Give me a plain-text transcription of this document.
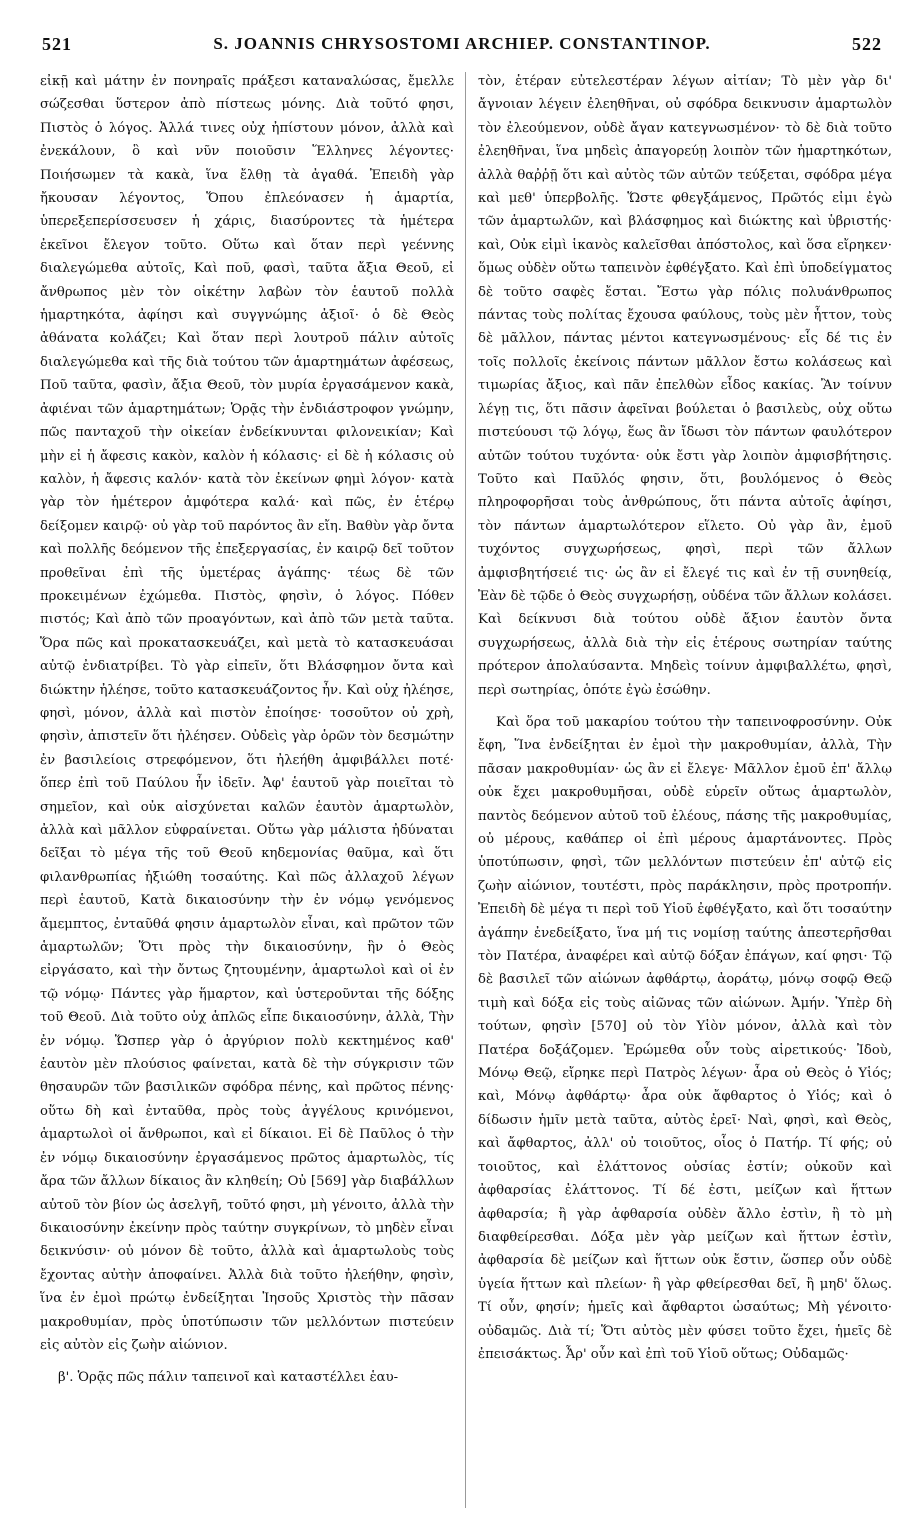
521	S. JOANNIS CHRYSOSTOMI ARCHIEP. CONSTANTINOP.	522

εἰκῇ καὶ μάτην ἐν πονηραῖς πράξεσι καταναλώσας, ἔμελλε σώζεσθαι ὕστερον ἀπὸ πίστεως μόνης. Διὰ τοῦτό φησι, Πιστὸς ὁ λόγος. Ἀλλά τινες οὐχ ἠπίστουν μόνον, ἀλλὰ καὶ ἐνεκάλουν, ὃ καὶ νῦν ποιοῦσιν Ἕλληνες λέγοντες· Ποιήσωμεν τὰ κακὰ, ἵνα ἔλθῃ τὰ ἀγαθά. Ἐπειδὴ γὰρ ἤκουσαν λέγοντος, Ὅπου ἐπλεόνασεν ἡ ἁμαρτία, ὑπερεξεπερίσσευσεν ἡ χάρις, διασύροντες τὰ ἡμέτερα ἐκεῖνοι ἔλεγον τοῦτο. Οὕτω καὶ ὅταν περὶ γεέννης διαλεγώμεθα αὐτοῖς, Καὶ ποῦ, φασὶ, ταῦτα ἄξια Θεοῦ, εἰ ἄνθρωπος μὲν τὸν οἰκέτην λαβὼν τὸν ἑαυτοῦ πολλὰ ἡμαρτηκότα, ἀφίησι καὶ συγγνώμης ἀξιοῖ· ὁ δὲ Θεὸς ἀθάνατα κολάζει; Καὶ ὅταν περὶ λουτροῦ πάλιν αὐτοῖς διαλεγώμεθα καὶ τῆς διὰ τούτου τῶν ἁμαρτημάτων ἀφέσεως, Ποῦ ταῦτα, φασὶν, ἄξια Θεοῦ, τὸν μυρία ἐργασάμενον κακὰ, ἀφιέναι τῶν ἁμαρτημάτων; Ὁρᾷς τὴν ἐνδιάστροφον γνώμην, πῶς πανταχοῦ τὴν οἰκείαν ἐνδείκνυνται φιλονεικίαν; Καὶ μὴν εἰ ἡ ἄφεσις κακὸν, καλὸν ἡ κόλασις· εἰ δὲ ἡ κόλασις οὐ καλὸν, ἡ ἄφεσις καλόν· κατὰ τὸν ἐκείνων φημὶ λόγον· κατὰ γὰρ τὸν ἡμέτερον ἀμφότερα καλά· καὶ πῶς, ἐν ἑτέρῳ δείξομεν καιρῷ· οὐ γὰρ τοῦ παρόντος ἂν εἴη. Βαθὺν γὰρ ὄντα καὶ πολλῆς δεόμενον τῆς ἐπεξεργασίας, ἐν καιρῷ δεῖ τοῦτον προθεῖναι ἐπὶ τῆς ὑμετέρας ἀγάπης· τέως δὲ τῶν προκειμένων ἐχώμεθα. Πιστὸς, φησὶν, ὁ λόγος. Πόθεν πιστός; Καὶ ἀπὸ τῶν προαγόντων, καὶ ἀπὸ τῶν μετὰ ταῦτα. Ὅρα πῶς καὶ προκατασκευάζει, καὶ μετὰ τὸ κατασκευάσαι αὐτῷ ἐνδιατρίβει. Τὸ γὰρ εἰπεῖν, ὅτι Βλάσφημον ὄντα καὶ διώκτην ἠλέησε, τοῦτο κατασκευάζοντος ἦν. Καὶ οὐχ ἠλέησε, φησὶ, μόνον, ἀλλὰ καὶ πιστὸν ἐποίησε· τοσοῦτον οὐ χρὴ, φησὶν, ἀπιστεῖν ὅτι ἠλέησεν. Οὐδεὶς γὰρ ὁρῶν τὸν δεσμώτην ἐν βασιλείοις στρεφόμενον, ὅτι ἠλεήθη ἀμφιβάλλει ποτέ· ὅπερ ἐπὶ τοῦ Παύλου ἦν ἰδεῖν. Ἀφ' ἑαυτοῦ γὰρ ποιεῖται τὸ σημεῖον, καὶ οὐκ αἰσχύνεται καλῶν ἑαυτὸν ἁμαρτωλὸν, ἀλλὰ καὶ μᾶλλον εὐφραίνεται. Οὕτω γὰρ μάλιστα ἠδύναται δεῖξαι τὸ μέγα τῆς τοῦ Θεοῦ κηδεμονίας θαῦμα, καὶ ὅτι φιλανθρωπίας ἠξιώθη τοσαύτης. Καὶ πῶς ἀλλαχοῦ λέγων περὶ ἑαυτοῦ, Κατὰ δικαιοσύνην τὴν ἐν νόμῳ γενόμενος ἄμεμπτος, ἐνταῦθά φησιν ἁμαρτωλὸν εἶναι, καὶ πρῶτον τῶν ἁμαρτωλῶν; Ὅτι πρὸς τὴν δικαιοσύνην, ἣν ὁ Θεὸς εἰργάσατο, καὶ τὴν ὄντως ζητουμένην, ἁμαρτωλοὶ καὶ οἱ ἐν τῷ νόμῳ· Πάντες γὰρ ἥμαρτον, καὶ ὑστεροῦνται τῆς δόξης τοῦ Θεοῦ. Διὰ τοῦτο οὐχ ἁπλῶς εἶπε δικαιοσύνην, ἀλλὰ, Τὴν ἐν νόμῳ. Ὥσπερ γὰρ ὁ ἀργύριον πολὺ κεκτημένος καθ' ἑαυτὸν μὲν πλούσιος φαίνεται, κατὰ δὲ τὴν σύγκρισιν τῶν θησαυρῶν τῶν βασιλικῶν σφόδρα πένης, καὶ πρῶτος πένης· οὕτω δὴ καὶ ἐνταῦθα, πρὸς τοὺς ἀγγέλους κρινόμενοι, ἁμαρτωλοὶ οἱ ἄνθρωποι, καὶ εἰ δίκαιοι. Εἰ δὲ Παῦλος ὁ τὴν ἐν νόμῳ δικαιοσύνην ἐργασάμενος πρῶτος ἁμαρτωλὸς, τίς ἄρα τῶν ἄλλων δίκαιος ἂν κληθείη; Οὐ [569] γὰρ διαβάλλων αὐτοῦ τὸν βίον ὡς ἀσελγῆ, τοῦτό φησι, μὴ γένοιτο, ἀλλὰ τὴν δικαιοσύνην ἐκείνην πρὸς ταύτην συγκρίνων, τὸ μηδὲν εἶναι δεικνύσιν· οὐ μόνον δὲ τοῦτο, ἀλλὰ καὶ ἁμαρτωλοὺς τοὺς ἔχοντας αὐτὴν ἀποφαίνει. Ἀλλὰ διὰ τοῦτο ἠλεήθην, φησὶν, ἵνα ἐν ἐμοὶ πρώτῳ ἐνδείξηται Ἰησοῦς Χριστὸς τὴν πᾶσαν μακροθυμίαν, πρὸς ὑποτύπωσιν τῶν μελλόντων πιστεύειν εἰς αὐτὸν εἰς ζωὴν αἰώνιον.

β'. Ὁρᾷς πῶς πάλιν ταπεινοῖ καὶ καταστέλλει ἑαυ-

τὸν, ἑτέραν εὐτελεστέραν λέγων αἰτίαν; Τὸ μὲν γὰρ δι' ἄγνοιαν λέγειν ἐλεηθῆναι, οὐ σφόδρα δεικνυσιν ἁμαρτωλὸν τὸν ἐλεούμενον, οὐδὲ ἄγαν κατεγνωσμένον· τὸ δὲ διὰ τοῦτο ἐλεηθῆναι, ἵνα μηδεὶς ἀπαγορεύῃ λοιπὸν τῶν ἡμαρτηκότων, ἀλλὰ θαῤῥῇ ὅτι καὶ αὐτὸς τῶν αὐτῶν τεύξεται, σφόδρα μέγα καὶ μεθ' ὑπερβολῆς. Ὥστε φθεγξάμενος, Πρῶτός εἰμι ἐγὼ τῶν ἁμαρτωλῶν, καὶ βλάσφημος καὶ διώκτης καὶ ὑβριστής· καὶ, Οὐκ εἰμὶ ἱκανὸς καλεῖσθαι ἀπόστολος, καὶ ὅσα εἴρηκεν· ὅμως οὐδὲν οὕτω ταπεινὸν ἐφθέγξατο. Καὶ ἐπὶ ὑποδείγματος δὲ τοῦτο σαφὲς ἔσται. Ἔστω γὰρ πόλις πολυάνθρωπος πάντας τοὺς πολίτας ἔχουσα φαύλους, τοὺς μὲν ἧττον, τοὺς δὲ μᾶλλον, πάντας μέντοι κατεγνωσμένους· εἷς δέ τις ἐν τοῖς πολλοῖς ἐκείνοις πάντων μᾶλλον ἔστω κολάσεως καὶ τιμωρίας ἄξιος, καὶ πᾶν ἐπελθὼν εἶδος κακίας. Ἂν τοίνυν λέγῃ τις, ὅτι πᾶσιν ἀφεῖναι βούλεται ὁ βασιλεὺς, οὐχ οὕτω πιστεύουσι τῷ λόγῳ, ἕως ἂν ἴδωσι τὸν πάντων φαυλότερον αὐτῶν τούτου τυχόντα· οὐκ ἔστι γὰρ λοιπὸν ἀμφισβήτησις. Τοῦτο καὶ Παῦλός φησιν, ὅτι, βουλόμενος ὁ Θεὸς πληροφορῆσαι τοὺς ἀνθρώπους, ὅτι πάντα αὐτοῖς ἀφίησι, τὸν πάντων ἁμαρτωλότερον εἵλετο. Οὐ γὰρ ἂν, ἐμοῦ τυχόντος συγχωρήσεως, φησὶ, περὶ τῶν ἄλλων ἀμφισβητήσειέ τις· ὡς ἂν εἰ ἔλεγέ τις καὶ ἐν τῇ συνηθείᾳ, Ἐὰν δὲ τῷδε ὁ Θεὸς συγχωρήσῃ, οὐδένα τῶν ἄλλων κολάσει. Καὶ δείκνυσι διὰ τούτου οὐδὲ ἄξιον ἑαυτὸν ὄντα συγχωρήσεως, ἀλλὰ διὰ τὴν εἰς ἑτέρους σωτηρίαν ταύτης πρότερον ἀπολαύσαντα. Μηδεὶς τοίνυν ἀμφιβαλλέτω, φησὶ, περὶ σωτηρίας, ὁπότε ἐγὼ ἐσώθην.

Καὶ ὅρα τοῦ μακαρίου τούτου τὴν ταπεινοφροσύνην. Οὐκ ἔφη, Ἵνα ἐνδείξηται ἐν ἐμοὶ τὴν μακροθυμίαν, ἀλλὰ, Τὴν πᾶσαν μακροθυμίαν· ὡς ἂν εἰ ἔλεγε· Μᾶλλον ἐμοῦ ἐπ' ἄλλῳ οὐκ ἔχει μακροθυμῆσαι, οὐδὲ εὑρεῖν οὕτως ἁμαρτωλὸν, παντὸς δεόμενον αὐτοῦ τοῦ ἐλέους, πάσης τῆς μακροθυμίας, οὐ μέρους, καθάπερ οἱ ἐπὶ μέρους ἁμαρτάνοντες. Πρὸς ὑποτύπωσιν, φησὶ, τῶν μελλόντων πιστεύειν ἐπ' αὐτῷ εἰς ζωὴν αἰώνιον, τουτέστι, πρὸς παράκλησιν, πρὸς προτροπήν. Ἐπειδὴ δὲ μέγα τι περὶ τοῦ Υἱοῦ ἐφθέγξατο, καὶ ὅτι τοσαύτην ἀγάπην ἐνεδείξατο, ἵνα μή τις νομίσῃ ταύτης ἀπεστερῆσθαι τὸν Πατέρα, ἀναφέρει καὶ αὐτῷ δόξαν ἐπάγων, καί φησι· Τῷ δὲ βασιλεῖ τῶν αἰώνων ἀφθάρτῳ, ἀοράτῳ, μόνῳ σοφῷ Θεῷ τιμὴ καὶ δόξα εἰς τοὺς αἰῶνας τῶν αἰώνων. Ἀμήν. Ὑπὲρ δὴ τούτων, φησὶν [570] οὐ τὸν Υἱὸν μόνον, ἀλλὰ καὶ τὸν Πατέρα δοξάζομεν. Ἐρώμεθα οὖν τοὺς αἱρετικούς· Ἰδοὺ, Μόνῳ Θεῷ, εἴρηκε περὶ Πατρὸς λέγων· ἆρα οὐ Θεὸς ὁ Υἱός; καὶ, Μόνῳ ἀφθάρτῳ· ἆρα οὐκ ἄφθαρτος ὁ Υἱός; καὶ ὁ δίδωσιν ἡμῖν μετὰ ταῦτα, αὐτὸς ἐρεῖ· Ναὶ, φησὶ, καὶ Θεὸς, καὶ ἄφθαρτος, ἀλλ' οὐ τοιοῦτος, οἷος ὁ Πατήρ. Τί φής; οὐ τοιοῦτος, καὶ ἐλάττονος οὐσίας ἐστίν; οὐκοῦν καὶ ἀφθαρσίας ἐλάττονος. Τί δέ ἐστι, μείζων καὶ ἥττων ἀφθαρσία; ἢ γὰρ ἀφθαρσία οὐδὲν ἄλλο ἐστὶν, ἢ τὸ μὴ διαφθείρεσθαι. Δόξα μὲν γὰρ μείζων καὶ ἥττων ἐστὶν, ἀφθαρσία δὲ μείζων καὶ ἥττων οὐκ ἔστιν, ὥσπερ οὖν οὐδὲ ὑγεία ἥττων καὶ πλείων· ἢ γὰρ φθείρεσθαι δεῖ, ἢ μηδ' ὅλως. Τί οὖν, φησίν; ἡμεῖς καὶ ἄφθαρτοι ὡσαύτως; Μὴ γένοιτο· οὐδαμῶς. Διὰ τί; Ὅτι αὐτὸς μὲν φύσει τοῦτο ἔχει, ἡμεῖς δὲ ἐπεισάκτως. Ἆρ' οὖν καὶ ἐπὶ τοῦ Υἱοῦ οὕτως; Οὐδαμῶς·
